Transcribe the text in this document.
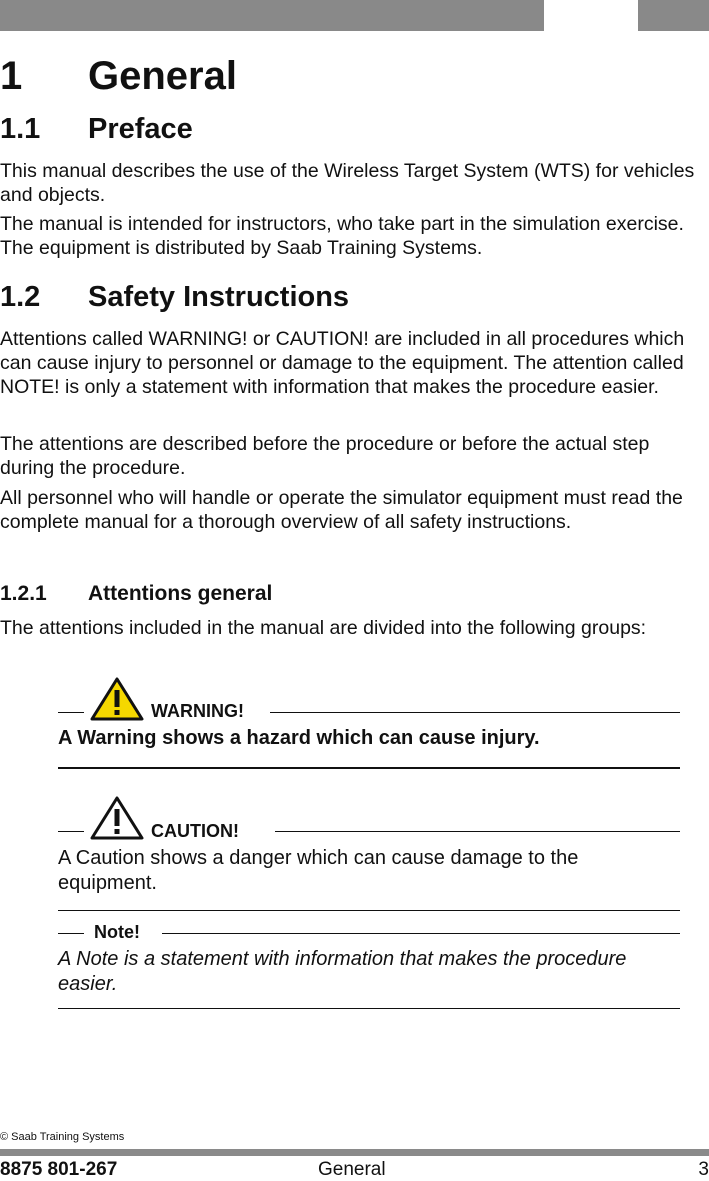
1 General
1.1 Preface

This manual describes the use of the Wireless Target System (WTS) for vehicles and objects.

The manual is intended for instructors, who take part in the simulation exercise. The equipment is distributed by Saab Training Systems.

1.2 Safety Instructions

Attentions called WARNING! or CAUTION! are included in all procedures which can cause injury to personnel or damage to the equipment. The attention called NOTE! is only a statement with information that makes the procedure easier.

The attentions are described before the procedure or before the actual step during the procedure.

All personnel who will handle or operate the simulator equipment must read the complete manual for a thorough overview of all safety instructions.

1.2.1 Attentions general

The attentions included in the manual are divided into the following groups:

WARNING!
A Warning shows a hazard which can cause injury.
CAUTION!
A Caution shows a danger which can cause damage to the equipment.
Note!
A Note is a statement with information that makes the procedure easier.
© Saab Training Systems
8875 801-267	General	3
